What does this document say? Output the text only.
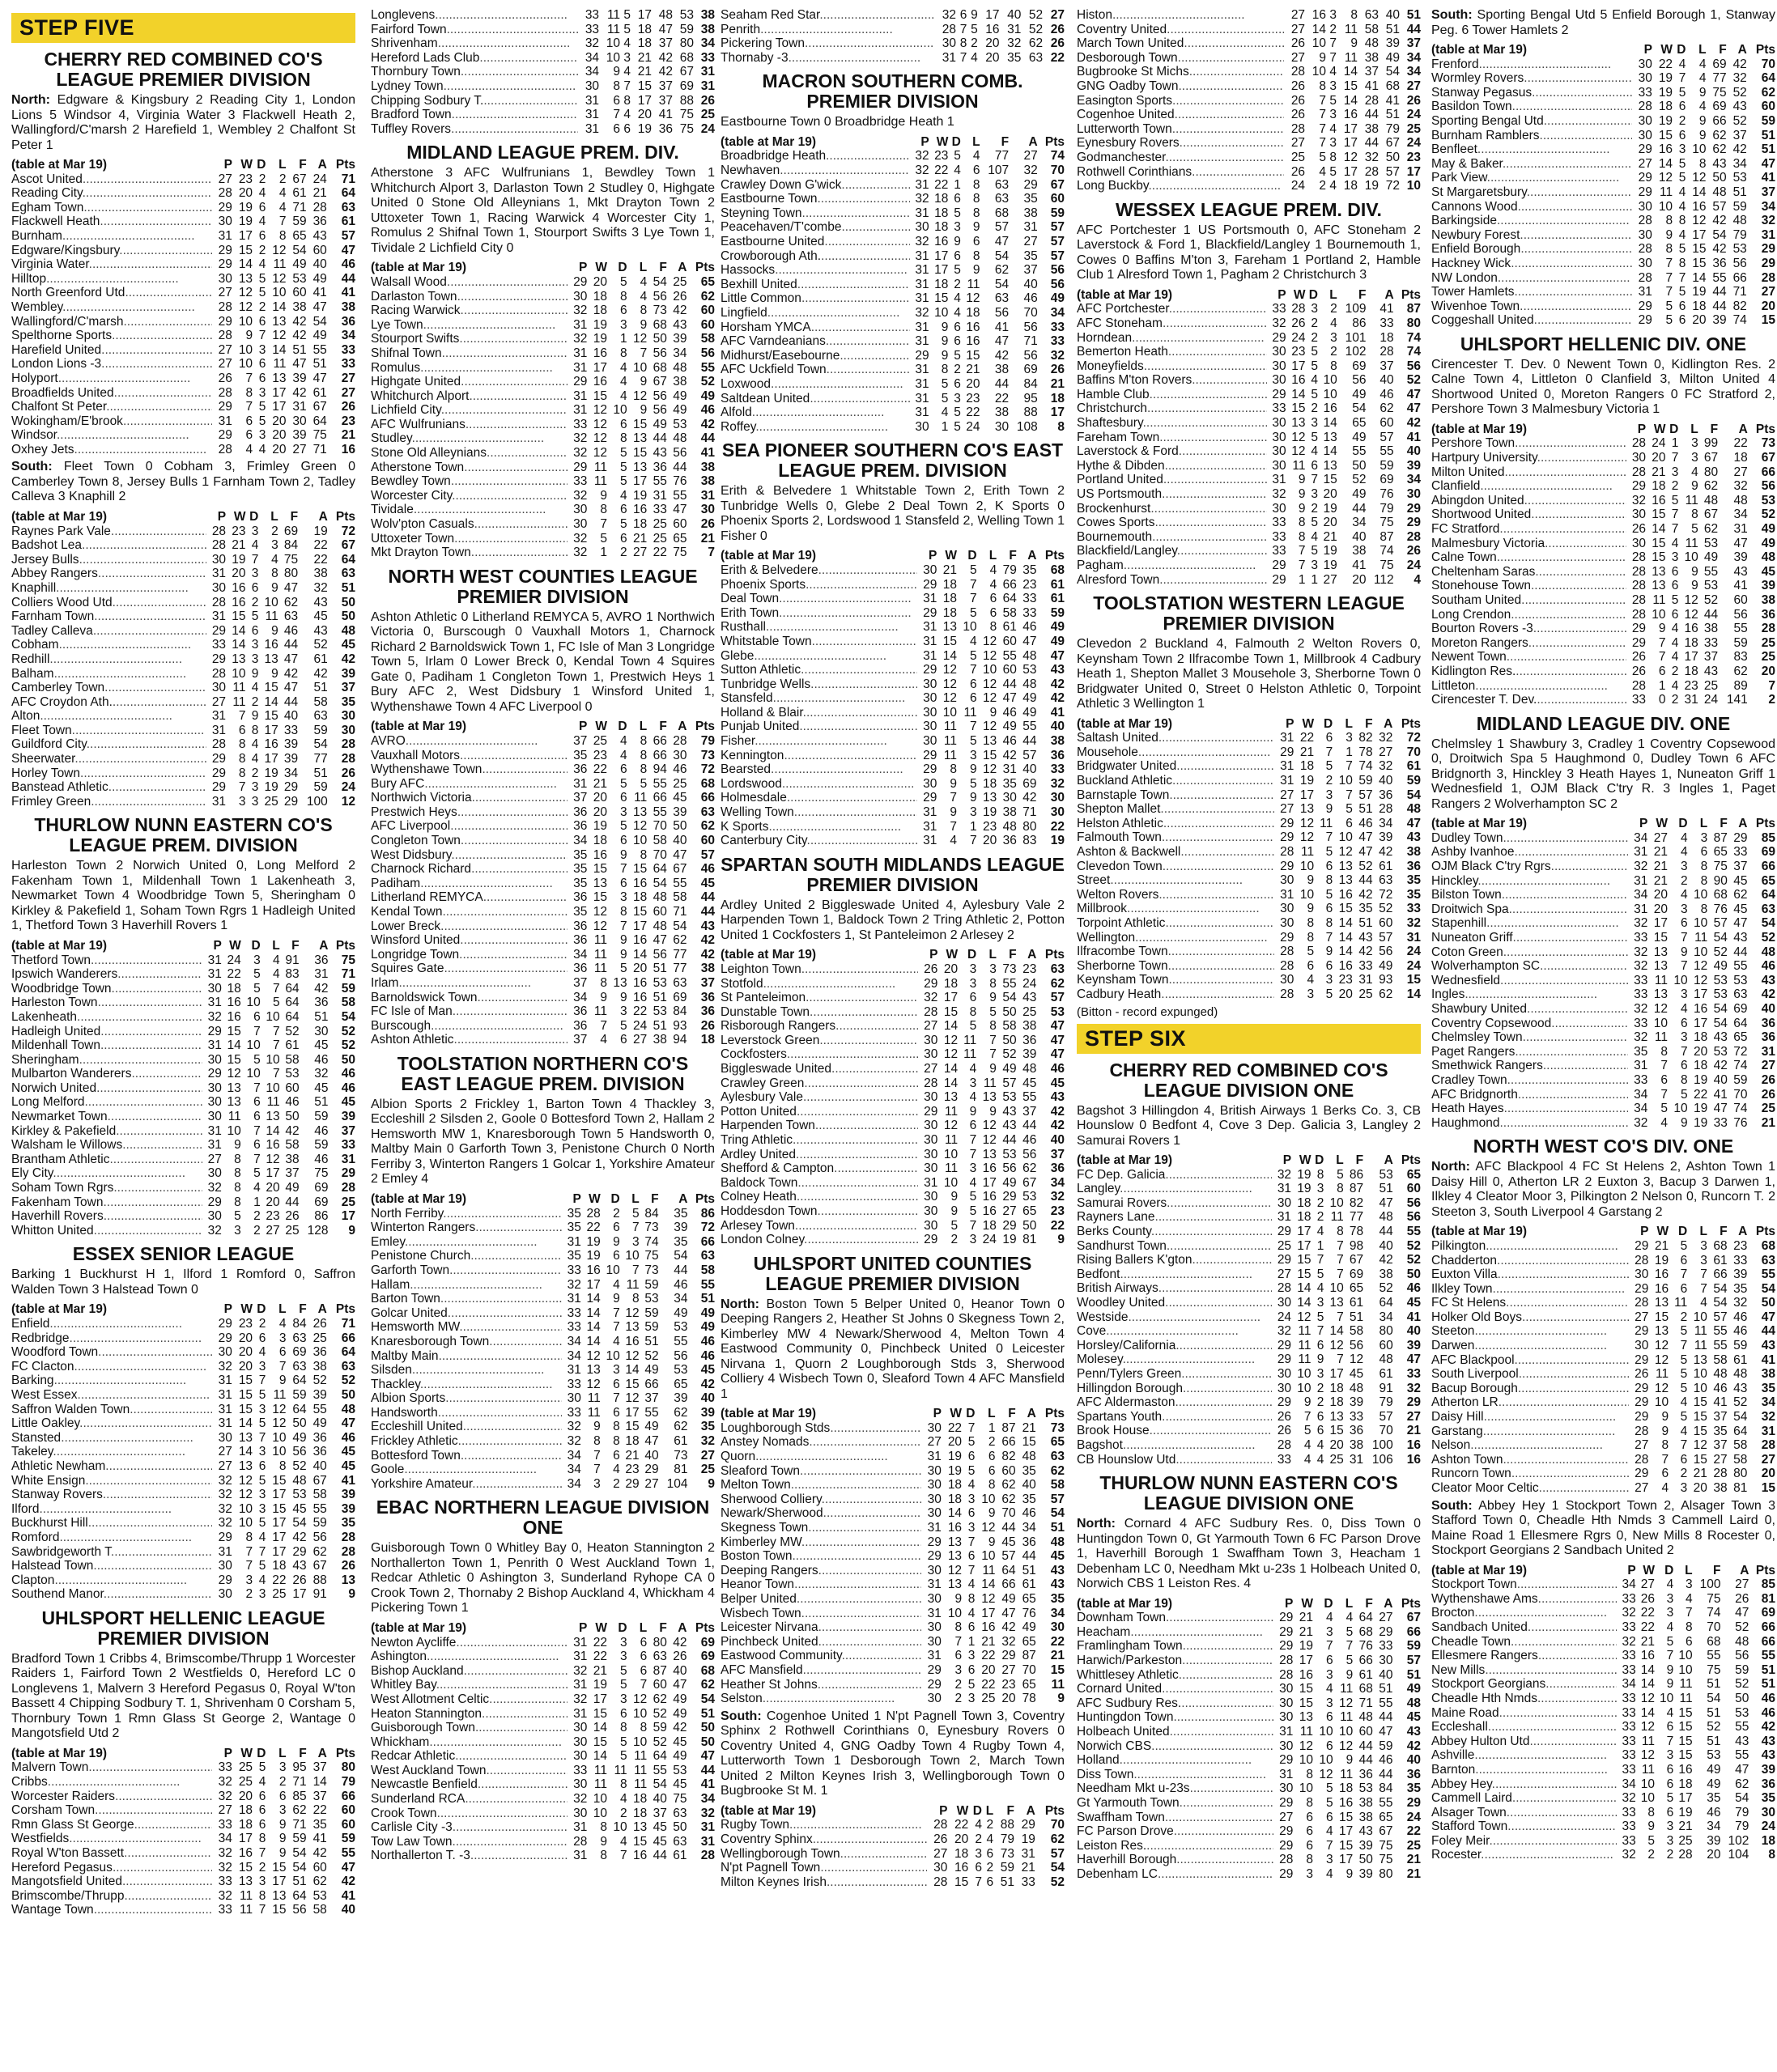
STEP FIVE
CHERRY RED COMBINED CO'S LEAGUE PREMIER DIVISION
North: Edgware & Kingsbury 2 Reading City 1, London Lions 5 Windsor 4, Virginia Water 3 Flackwell Heath 2, Wallingford/C'marsh 2 Harefield 1, Wembley 2 Chalfont St Peter 1
(table at Mar 19)	P	W	D	L	F	A	Pts
Ascot United .....	27	23	2	2	67	24	71
Reading City .....	28	20	4	4	61	21	64
Egham Town .....	29	19	6	4	71	28	63
Flackwell Heath .....	30	19	4	7	59	36	61
Burnham .....	31	17	6	8	65	43	57
Edgware/Kingsbury .....	29	15	2	12	54	60	47
Virginia Water .....	29	14	4	11	49	40	46
Hilltop .....	30	13	5	12	53	49	44
North Greenford Utd .....	27	12	5	10	60	41	41
Wembley .....	28	12	2	14	38	47	38
Wallingford/C'marsh .....	29	10	6	13	42	54	36
Spelthorne Sports .....	28	9	7	12	42	49	34
Harefield United .....	27	10	3	14	51	55	33
London Lions -3 .....	27	10	6	11	47	51	33
Holyport .....	26	7	6	13	39	47	27
Broadfields United .....	28	8	3	17	42	61	27
Chalfont St Peter .....	29	7	5	17	31	67	26
Wokingham/E'brook .....	31	6	5	20	30	64	23
Windsor .....	29	6	3	20	39	75	21
Oxhey Jets .....	28	4	4	20	27	71	16
South: Fleet Town 0 Cobham 3, Frimley Green 0 Camberley Town 8, Jersey Bulls 1 Farnham Town 2, Tadley Calleva 3 Knaphill 2
(table at Mar 19)	P	W	D	L	F	A	Pts
Raynes Park Vale .....	28	23	3	2	69	19	72
Badshot Lea .....	28	21	4	3	84	22	67
Jersey Bulls .....	30	19	7	4	75	22	64
Abbey Rangers .....	31	20	3	8	80	38	63
Knaphill .....	30	16	6	9	47	32	51
Colliers Wood Utd .....	28	16	2	10	62	43	50
Farnham Town .....	31	15	5	11	63	45	50
Tadley Calleva .....	29	14	6	9	46	43	48
Cobham .....	33	14	3	16	44	52	45
Redhill .....	29	13	3	13	47	61	42
Balham .....	28	10	9	9	42	42	39
Camberley Town .....	30	11	4	15	47	51	37
AFC Croydon Ath. .....	27	11	2	14	44	58	35
Alton .....	31	7	9	15	40	63	30
Fleet Town .....	31	6	8	17	33	59	30
Guildford City .....	28	8	4	16	39	54	28
Sheerwater .....	29	8	4	17	39	77	28
Horley Town .....	29	8	2	19	34	51	26
Banstead Athletic .....	29	7	3	19	29	59	24
Frimley Green .....	31	3	3	25	29	100	12
THURLOW NUNN EASTERN CO'S LEAGUE PREM. DIVISION
Harleston Town 2 Norwich United 0, Long Melford 2 Fakenham Town 1, Mildenhall Town 1 Lakenheath 3, Newmarket Town 4 Woodbridge Town 5, Sheringham 0 Kirkley & Pakefield 1, Soham Town Rgrs 1 Hadleigh United 1, Thetford Town 3 Haverhill Rovers 1
(table at Mar 19)	P	W	D	L	F	A	Pts
Thetford Town .....	31	24	3	4	91	36	75
Ipswich Wanderers .....	31	22	5	4	83	31	71
Woodbridge Town .....	30	18	5	7	64	42	59
Harleston Town .....	31	16	10	5	64	36	58
Lakenheath .....	32	16	6	10	64	51	54
Hadleigh United .....	29	15	7	7	52	30	52
Mildenhall Town .....	31	14	10	7	61	45	52
Sheringham .....	30	15	5	10	58	46	50
Mulbarton Wanderers .....	29	12	10	7	53	32	46
Norwich United .....	30	13	7	10	60	45	46
Long Melford .....	30	13	6	11	46	51	45
Newmarket Town .....	30	11	6	13	50	59	39
Kirkley & Pakefield .....	31	10	7	14	42	46	37
Walsham le Willows .....	31	9	6	16	58	59	33
Brantham Athletic .....	27	8	7	12	38	46	31
Ely City .....	30	8	5	17	37	75	29
Soham Town Rgrs .....	32	8	4	20	49	69	28
Fakenham Town .....	29	8	1	20	44	69	25
Haverhill Rovers .....	30	5	2	23	26	86	17
Whitton United .....	32	3	2	27	25	128	9
ESSEX SENIOR LEAGUE
Barking 1 Buckhurst H 1, Ilford 1 Romford 0, Saffron Walden Town 3 Halstead Town 0
(table at Mar 19)	P	W	D	L	F	A	Pts
Enfield .....	29	23	2	4	84	26	71
Redbridge .....	29	20	6	3	63	25	66
Woodford Town .....	30	20	4	6	69	36	64
FC Clacton .....	32	20	3	7	63	38	63
Barking .....	31	15	7	9	64	52	52
West Essex .....	31	15	5	11	59	39	50
Saffron Walden Town .....	31	15	3	12	64	55	48
Little Oakley .....	31	14	5	12	50	49	47
Stansted .....	30	13	7	10	49	36	46
Takeley .....	27	14	3	10	56	36	45
Athletic Newham .....	27	13	6	8	52	40	45
White Ensign .....	32	12	5	15	48	67	41
Stanway Rovers .....	32	12	3	17	53	58	39
Ilford .....	32	10	3	15	45	55	39
Buckhurst Hill .....	32	10	5	17	54	59	35
Romford .....	29	8	4	17	42	56	28
Sawbridgeworth T .....	31	7	7	17	29	62	28
Halstead Town .....	30	7	5	18	43	67	26
Clapton .....	29	3	4	22	26	88	13
Southend Manor .....	30	2	3	25	17	91	9
UHLSPORT HELLENIC LEAGUE PREMIER DIVISION
Bradford Town 1 Cribbs 4, Brimscombe/Thrupp 1 Worcester Raiders 1, Fairford Town 2 Westfields 0, Hereford LC 0 Longlevens 1, Malvern 3 Hereford Pegasus 0, Royal W'ton Bassett 4 Chipping Sodbury T. 1, Shrivenham 0 Corsham 5, Thornbury Town 1 Rmn Glass St George 2, Wantage 0 Mangotsfield Utd 2
(table at Mar 19)	P	W	D	L	F	A	Pts
Malvern Town .....	33	25	5	3	95	37	80
Cribbs .....	32	25	4	2	71	14	79
Worcester Raiders .....	32	20	6	6	85	37	66
Corsham Town .....	27	18	6	3	62	22	60
Rmn Glass St George .....	33	18	6	9	71	35	60
Westfields .....	34	17	8	9	59	41	59
Royal W'ton Bassett .....	32	16	7	9	54	42	55
Hereford Pegasus .....	32	15	2	15	54	60	47
Mangotsfield United .....	33	13	3	17	51	62	42
Brimscombe/Thrupp .....	32	11	8	13	64	53	41
Wantage Town .....	33	11	7	15	56	58	40
Longlevens .....	33	11	5	17	48	53	38
Fairford Town .....	33	11	5	18	47	59	38
Shrivenham .....	32	10	4	18	37	80	34
Hereford Lads Club .....	34	10	3	21	42	68	33
Thornbury Town .....	34	9	4	21	42	67	31
Lydney Town .....	30	8	7	15	37	69	31
Chipping Sodbury T. .....	31	6	8	17	37	88	26
Bradford Town .....	31	7	4	20	41	75	25
Tuffley Rovers .....	31	6	6	19	36	75	24
MIDLAND LEAGUE PREM. DIV.
Atherstone 3 AFC Wulfrunians 1, Bewdley Town 1 Whitchurch Alport 3, Darlaston Town 2 Studley 0, Highgate United 0 Stone Old Alleynians 1, Mkt Drayton Town 2 Uttoxeter Town 1, Racing Warwick 4 Worcester City 1, Romulus 2 Shifnal Town 1, Stourport Swifts 3 Lye Town 1, Tividale 2 Lichfield City 0
(table at Mar 19)	P	W	D	L	F	A	Pts
Walsall Wood .....	29	20	5	4	54	25	65
Darlaston Town .....	30	18	8	4	56	26	62
Racing Warwick .....	32	18	6	8	73	42	60
Lye Town .....	31	19	3	9	68	43	60
Stourport Swifts .....	32	19	1	12	50	39	58
Shifnal Town .....	31	16	8	7	56	34	56
Romulus .....	31	17	4	10	68	48	55
Highgate United .....	29	16	4	9	67	38	52
Whitchurch Alport .....	31	15	4	12	56	49	49
Lichfield City .....	31	12	10	9	56	49	46
AFC Wulfrunians .....	33	12	6	15	49	53	42
Studley .....	32	12	8	13	44	48	44
Stone Old Alleynians .....	32	12	5	15	43	56	41
Atherstone Town .....	29	11	5	13	36	44	38
Bewdley Town .....	33	11	5	17	55	76	38
Worcester City .....	32	9	4	19	31	55	31
Tividale .....	30	8	6	16	33	47	30
Wolv'pton Casuals .....	30	7	5	18	25	60	26
Uttoxeter Town .....	32	5	6	21	25	65	21
Mkt Drayton Town .....	32	1	2	27	22	75	7
NORTH WEST COUNTIES LEAGUE PREMIER DIVISION
Ashton Athletic 0 Litherland REMYCA 5, AVRO 1 Northwich Victoria 0, Burscough 0 Vauxhall Motors 1, Charnock Richard 2 Barnoldswick Town 1, FC Isle of Man 3 Longridge Town 5, Irlam 0 Lower Breck 0, Kendal Town 4 Squires Gate 0, Padiham 1 Congleton Town 1, Prestwich Heys 1 Bury AFC 2, West Didsbury 1 Winsford United 1, Wythenshawe Town 4 AFC Liverpool 0
(table at Mar 19)	P	W	D	L	F	A	Pts
AVRO .....	37	25	4	8	66	28	79
Vauxhall Motors .....	35	23	4	8	66	30	73
Wythenshawe Town .....	36	22	6	8	94	46	72
Bury AFC .....	31	21	5	5	55	25	68
Northwich Victoria .....	37	20	6	11	66	45	66
Prestwich Heys .....	36	20	3	13	55	39	63
AFC Liverpool .....	36	19	5	12	70	50	62
Congleton Town .....	34	18	6	10	58	40	60
West Didsbury .....	35	16	9	8	70	47	57
Charnock Richard .....	35	15	7	15	64	67	46
Padiham .....	35	13	6	16	54	55	45
Litherland REMYCA .....	36	15	3	18	48	58	44
Kendal Town .....	35	12	8	15	60	71	44
Lower Breck .....	36	12	7	17	48	54	43
Winsford United .....	36	11	9	16	47	62	42
Longridge Town .....	34	11	9	14	56	77	42
Squires Gate .....	36	11	5	20	51	77	38
Irlam .....	37	8	13	16	53	63	37
Barnoldswick Town .....	34	9	9	16	51	69	36
FC Isle of Man .....	36	11	3	22	53	84	36
Burscough .....	36	7	5	24	51	93	26
Ashton Athletic .....	37	4	6	27	38	94	18
TOOLSTATION NORTHERN CO'S EAST LEAGUE PREM. DIVISION
Albion Sports 2 Frickley 1, Barton Town 4 Thackley 3, Eccleshill 2 Silsden 2, Goole 0 Bottesford Town 2, Hallam 2 Hemsworth MW 1, Knaresborough Town 5 Handsworth 0, Maltby Main 0 Garforth Town 3, Penistone Church 0 North Ferriby 3, Winterton Rangers 1 Golcar 1, Yorkshire Amateur 2 Emley 4
(table at Mar 19)	P	W	D	L	F	A	Pts
North Ferriby .....	35	28	2	5	84	35	86
Winterton Rangers .....	35	22	6	7	73	39	72
Emley .....	31	19	9	3	74	35	66
Penistone Church .....	35	19	6	10	75	54	63
Garforth Town .....	33	16	10	7	73	44	58
Hallam .....	32	17	4	11	59	46	55
Barton Town .....	31	14	9	8	53	34	51
Golcar United .....	33	14	7	12	59	49	49
Hemsworth MW .....	33	14	7	13	59	53	49
Knaresborough Town .....	34	14	4	16	51	55	46
Maltby Main .....	34	12	10	12	52	56	46
Silsden .....	31	13	3	14	49	53	45
Thackley .....	33	12	6	15	66	65	42
Albion Sports .....	30	11	7	12	37	39	40
Handsworth .....	33	11	6	17	55	62	39
Eccleshill United .....	32	9	8	15	49	62	35
Frickley Athletic .....	32	8	8	18	47	61	32
Bottesford Town .....	34	7	6	21	40	73	27
Goole .....	34	7	4	23	29	81	25
Yorkshire Amateur .....	34	3	2	29	27	104	9
EBAC NORTHERN LEAGUE DIVISION ONE
Guisborough Town 0 Whitley Bay 0, Heaton Stannington 2 Northallerton Town 1, Penrith 0 West Auckland Town 1, Redcar Athletic 0 Ashington 3, Sunderland Ryhope CA 0 Crook Town 2, Thornaby 2 Bishop Auckland 4, Whickham 4 Pickering Town 1
(table at Mar 19)	P	W	D	L	F	A	Pts
Newton Aycliffe .....	31	22	3	6	80	42	69
Ashington .....	31	22	3	6	63	26	69
Bishop Auckland .....	32	21	5	6	87	40	68
Whitley Bay .....	31	19	5	7	60	47	62
West Allotment Celtic .....	32	17	3	12	62	49	54
Heaton Stannington .....	31	15	6	10	52	49	51
Guisborough Town .....	30	14	8	8	59	42	50
Whickham .....	30	15	5	10	52	45	50
Redcar Athletic .....	30	14	5	11	64	49	47
West Auckland Town .....	33	11	11	11	55	53	44
Newcastle Benfield .....	30	11	8	11	54	45	41
Sunderland RCA .....	32	10	4	18	40	75	34
Crook Town .....	30	10	2	18	37	63	32
Carlisle City -3 .....	31	8	10	13	45	50	31
Tow Law Town .....	28	9	4	15	45	63	31
Northallerton T. -3 .....	31	8	7	16	44	61	28
Seaham Red Star .....	32	6	9	17	40	52	27
Penrith .....	28	7	5	16	31	52	26
Pickering Town .....	30	8	2	20	32	62	26
Thornaby -3 .....	31	7	4	20	35	63	22
MACRON SOUTHERN COMB. PREMIER DIVISION
Eastbourne Town 0 Broadbridge Heath 1
(table at Mar 19)	P	W	D	L	F	A	Pts
Broadbridge Heath .....	32	23	5	4	77	27	74
Newhaven .....	32	22	4	6	107	32	70
Crawley Down G'wick .....	31	22	1	8	63	29	67
Eastbourne Town .....	32	18	6	8	63	35	60
Steyning Town .....	31	18	5	8	68	38	59
Peacehaven/T'combe .....	30	18	3	9	57	31	57
Eastbourne United .....	32	16	9	6	47	27	57
Crowborough Ath. .....	31	17	6	8	54	35	57
Hassocks .....	31	17	5	9	62	37	56
Bexhill United .....	31	18	2	11	54	40	56
Little Common .....	31	15	4	12	63	46	49
Lingfield .....	32	10	4	18	56	70	34
Horsham YMCA .....	31	9	6	16	41	56	33
AFC Varndeanians .....	31	9	6	16	47	71	33
Midhurst/Easebourne .....	29	9	5	15	42	56	32
AFC Uckfield Town .....	31	8	2	21	38	69	26
Loxwood .....	31	5	6	20	44	84	21
Saltdean United .....	31	5	3	23	22	95	18
Alfold .....	31	4	5	22	38	88	17
Roffey .....	30	1	5	24	30	108	8
SEA PIONEER SOUTHERN CO'S EAST LEAGUE PREM. DIVISION
Erith & Belvedere 1 Whitstable Town 2, Erith Town 2 Tunbridge Wells 0, Glebe 2 Deal Town 2, K Sports 0 Phoenix Sports 2, Lordswood 1 Stansfeld 2, Welling Town 1 Fisher 0
(table at Mar 19)	P	W	D	L	F	A	Pts
Erith & Belvedere .....	30	21	5	4	79	35	68
Phoenix Sports .....	29	18	7	4	66	23	61
Deal Town .....	31	18	7	6	64	33	61
Erith Town .....	29	18	5	6	58	33	59
Rusthall .....	31	13	10	8	61	46	49
Whitstable Town .....	31	15	4	12	60	47	49
Glebe .....	31	14	5	12	55	48	47
Sutton Athletic .....	29	12	7	10	60	53	43
Tunbridge Wells .....	30	12	6	12	44	48	42
Stansfeld .....	30	12	6	12	47	49	42
Holland & Blair .....	30	10	11	9	46	49	41
Punjab United .....	30	11	7	12	49	55	40
Fisher .....	30	11	5	13	46	44	38
Kennington .....	29	11	3	15	42	57	36
Bearsted .....	29	8	9	12	31	40	33
Lordswood .....	30	9	5	18	35	69	32
Holmesdale .....	29	7	9	13	30	42	30
Welling Town .....	31	9	3	19	38	71	30
K Sports .....	31	7	1	23	48	80	22
Canterbury City .....	31	4	7	20	36	83	19
SPARTAN SOUTH MIDLANDS LEAGUE PREMIER DIVISION
Ardley United 2 Biggleswade United 4, Aylesbury Vale 2 Harpenden Town 1, Baldock Town 2 Tring Athletic 2, Potton United 1 Cockfosters 1, St Panteleimon 2 Arlesey 2
(table at Mar 19)	P	W	D	L	F	A	Pts
Leighton Town .....	26	20	3	3	73	23	63
Stotfold .....	29	18	3	8	55	24	62
St Panteleimon .....	32	17	6	9	54	43	57
Dunstable Town .....	28	15	8	5	50	25	53
Risborough Rangers .....	27	14	5	8	58	38	47
Leverstock Green .....	30	12	11	7	50	36	47
Cockfosters .....	30	12	11	7	52	39	47
Biggleswade United .....	27	14	4	9	49	48	46
Crawley Green .....	28	14	3	11	57	45	45
Aylesbury Vale .....	30	13	4	13	53	55	43
Potton United .....	29	11	9	9	43	37	42
Harpenden Town .....	30	12	6	12	43	44	42
Tring Athletic .....	30	11	7	12	44	46	40
Ardley United .....	30	10	7	13	53	56	37
Shefford & Campton .....	30	11	3	16	56	62	36
Baldock Town .....	31	10	4	17	49	67	34
Colney Heath .....	30	9	5	16	29	53	32
Hoddesdon Town .....	30	9	5	16	27	65	23
Arlesey Town .....	30	5	7	18	29	50	22
London Colney .....	29	2	3	24	19	81	9
UHLSPORT UNITED COUNTIES LEAGUE PREMIER DIVISION
North: Boston Town 5 Belper United 0, Heanor Town 0 Deeping Rangers 2, Heather St Johns 0 Skegness Town 2, Kimberley MW 4 Newark/Sherwood 4, Melton Town 4 Eastwood Community 0, Pinchbeck United 0 Leicester Nirvana 1, Quorn 2 Loughborough Stds 3, Sherwood Colliery 4 Wisbech Town 0, Sleaford Town 4 AFC Mansfield 1
(table at Mar 19)	P	W	D	L	F	A	Pts
Loughborough Stds .....	30	22	7	1	87	21	73
Anstey Nomads .....	27	20	5	2	66	15	65
Quorn .....	31	19	6	6	82	48	63
Sleaford Town .....	30	19	5	6	60	35	62
Melton Town .....	30	18	4	8	62	40	58
Sherwood Colliery .....	30	18	3	10	62	35	57
Newark/Sherwood .....	30	14	6	9	70	46	54
Skegness Town .....	31	16	3	12	44	34	51
Kimberley MW .....	29	13	7	9	45	36	48
Boston Town .....	29	13	6	10	57	44	45
Deeping Rangers .....	30	12	7	11	64	51	43
Heanor Town .....	31	13	4	14	66	61	43
Belper United .....	30	9	8	12	49	65	35
Wisbech Town .....	31	10	4	17	47	76	34
Leicester Nirvana .....	30	8	6	16	42	49	30
Pinchbeck United .....	30	7	1	21	32	65	22
Eastwood Community .....	31	6	3	22	29	87	21
AFC Mansfield .....	29	3	6	20	27	70	15
Heather St Johns .....	29	2	5	22	23	65	11
Selston .....	30	2	3	25	20	78	9
South: Cogenhoe United 1 N'pt Pagnell Town 3, Coventry Sphinx 2 Rothwell Corinthians 0, Eynesbury Rovers 0 Coventry United 4, GNG Oadby Town 4 Rugby Town 4, Lutterworth Town 1 Desborough Town 2, March Town United 2 Milton Keynes Irish 3, Wellingborough Town 0 Bugbrooke St M. 1
(table at Mar 19)	P	W	D	L	F	A	Pts
Rugby Town .....	28	22	4	2	88	29	70
Coventry Sphinx .....	26	20	2	4	79	19	62
Wellingborough Town .....	27	18	3	6	73	31	57
N'pt Pagnell Town .....	30	16	6	2	59	21	54
Milton Keynes Irish .....	28	15	7	6	51	33	52
Histon .....	27	16	3	8	63	40	51
Coventry United .....	27	14	2	11	58	51	44
March Town United .....	26	10	7	9	48	39	37
Desborough Town .....	27	9	7	11	38	49	34
Bugbrooke St Michs .....	28	10	4	14	37	54	34
GNG Oadby Town .....	26	8	3	15	41	68	27
Easington Sports .....	26	7	5	14	28	41	26
Cogenhoe United .....	26	7	3	16	44	51	24
Lutterworth Town .....	28	7	4	17	38	79	25
Eynesbury Rovers .....	27	7	3	17	44	67	24
Godmanchester .....	25	5	8	12	32	50	23
Rothwell Corinthians .....	26	4	5	17	28	57	17
Long Buckby .....	24	2	4	18	19	72	10
WESSEX LEAGUE PREM. DIV.
AFC Portchester 1 US Portsmouth 0, AFC Stoneham 2 Laverstock & Ford 1, Blackfield/Langley 1 Bournemouth 1, Cowes 0 Baffins M'ton 3, Fareham 1 Portland 2, Hamble Club 1 Alresford Town 1, Pagham 2 Christchurch 3
(table at Mar 19)	P	W	D	L	F	A	Pts
AFC Portchester .....	33	28	3	2	109	41	87
AFC Stoneham .....	32	26	2	4	86	33	80
Horndean .....	29	24	2	3	101	18	74
Bemerton Heath .....	30	23	5	2	102	28	74
Moneyfields .....	30	17	5	8	69	37	56
Baffins M'ton Rovers .....	30	16	4	10	56	40	52
Hamble Club .....	29	14	5	10	49	46	47
Christchurch .....	33	15	2	16	54	62	47
Shaftesbury .....	30	13	3	14	65	60	42
Fareham Town .....	30	12	5	13	49	57	41
Laverstock & Ford .....	30	12	4	14	55	55	40
Hythe & Dibden .....	30	11	6	13	50	59	39
Portland United .....	31	9	7	15	52	69	34
US Portsmouth .....	32	9	3	20	49	76	30
Brockenhurst .....	30	9	2	19	44	79	29
Cowes Sports .....	33	8	5	20	34	75	29
Bournemouth .....	33	8	4	21	40	87	28
Blackfield/Langley .....	33	7	5	19	38	74	26
Pagham .....	29	7	3	19	41	75	24
Alresford Town .....	29	1	1	27	20	112	4
TOOLSTATION WESTERN LEAGUE PREMIER DIVISION
Clevedon 2 Buckland 4, Falmouth 2 Welton Rovers 0, Keynsham Town 2 Ilfracombe Town 1, Millbrook 4 Cadbury Heath 1, Shepton Mallet 3 Mousehole 3, Sherborne Town 0 Bridgwater United 0, Street 0 Helston Athletic 0, Torpoint Athletic 3 Wellington 1
(table at Mar 19)	P	W	D	L	F	A	Pts
Saltash United .....	31	22	6	3	82	32	72
Mousehole .....	29	21	7	1	78	27	70
Bridgwater United .....	31	18	5	7	74	32	61
Buckland Athletic .....	31	19	2	10	59	40	59
Barnstaple Town .....	27	17	3	7	57	36	54
Shepton Mallet .....	27	13	9	5	51	28	48
Helston Athletic .....	29	12	11	6	46	34	47
Falmouth Town .....	29	12	7	10	47	39	43
Ashton & Backwell .....	28	11	5	12	47	42	38
Clevedon Town .....	29	10	6	13	52	61	36
Street .....	30	9	8	13	44	63	35
Welton Rovers .....	31	10	5	16	42	72	35
Millbrook .....	30	9	6	15	35	52	33
Torpoint Athletic .....	30	8	8	14	51	60	32
Wellington .....	29	8	7	14	43	57	31
Ilfracombe Town .....	28	5	9	14	42	56	24
Sherborne Town .....	28	6	6	16	33	49	24
Keynsham Town .....	30	4	3	23	31	93	15
Cadbury Heath .....	28	3	5	20	25	62	14
(Bitton - record expunged)
STEP SIX
CHERRY RED COMBINED CO'S LEAGUE DIVISION ONE
Bagshot 3 Hillingdon 4, British Airways 1 Berks Co. 3, CB Hounslow 0 Bedfont 4, Cove 3 Dep. Galicia 3, Langley 2 Samurai Rovers 1
(table at Mar 19)	P	W	D	L	F	A	Pts
FC Dep. Galicia .....	32	19	8	5	86	53	65
Langley .....	31	19	3	8	87	51	60
Samurai Rovers .....	30	18	2	10	82	47	56
Rayners Lane .....	31	18	2	11	77	48	56
Berks County .....	29	17	4	8	78	44	55
Sandhurst Town .....	25	17	1	7	98	40	52
Rising Ballers K'gton .....	29	15	7	7	67	42	52
Bedfont .....	27	15	5	7	69	38	50
British Airways .....	28	14	4	10	65	52	46
Woodley United .....	30	14	3	13	61	64	45
Westside .....	24	12	5	7	51	34	41
Cove .....	32	11	7	14	58	80	40
Horsley/California .....	29	11	6	12	56	60	39
Molesey .....	29	11	9	7	12	48	47
Penn/Tylers Green .....	30	10	3	17	45	61	33
Hillingdon Borough .....	30	10	2	18	48	91	32
AFC Aldermaston .....	29	9	2	18	39	79	29
Spartans Youth .....	26	7	6	13	33	57	27
Brook House .....	26	5	6	15	36	70	21
Bagshot .....	28	4	4	20	38	100	16
CB Hounslow Utd .....	33	4	4	25	31	106	16
THURLOW NUNN EASTERN CO'S LEAGUE DIVISION ONE
North: Cornard 4 AFC Sudbury Res. 0, Diss Town 0 Huntingdon Town 0, Gt Yarmouth Town 6 FC Parson Drove 1, Haverhill Borough 1 Swaffham Town 3, Heacham 1 Debenham LC 0, Needham Mkt u-23s 1 Holbeach United 0, Norwich CBS 1 Leiston Res. 4
(table at Mar 19)	P	W	D	L	F	A	Pts
Downham Town .....	29	21	4	4	64	27	67
Heacham .....	29	21	3	5	68	29	66
Framlingham Town .....	29	19	7	7	76	33	59
Harwich/Parkeston .....	28	17	6	5	66	30	57
Whittlesey Athletic .....	28	16	3	9	61	40	51
Cornard United .....	30	15	4	11	68	51	49
AFC Sudbury Res. .....	30	15	3	12	71	55	48
Huntingdon Town .....	30	13	6	11	48	44	45
Holbeach United .....	31	11	10	10	60	47	43
Norwich CBS .....	30	12	6	12	44	59	42
Holland .....	29	10	10	9	44	46	40
Diss Town .....	31	8	12	11	36	44	36
Needham Mkt u-23s .....	30	10	5	18	53	84	35
Gt Yarmouth Town .....	29	8	5	16	38	55	29
Swaffham Town .....	27	6	6	15	38	65	24
FC Parson Drove .....	29	6	4	17	43	67	22
Leiston Res. .....	29	6	7	15	39	75	25
Haverhill Borough .....	28	8	3	17	50	75	21
Debenham LC .....	29	3	4	9	39	80	21
South: Sporting Bengal Utd 5 Enfield Borough 1, Stanway Peg. 6 Tower Hamlets 2
(table at Mar 19)	P	W	D	L	F	A	Pts
Frenford .....	30	22	4	4	69	42	70
Wormley Rovers .....	30	19	7	4	77	32	64
Stanway Pegasus .....	33	19	5	9	75	52	62
Basildon Town .....	28	18	6	4	69	43	60
Sporting Bengal Utd .....	30	19	2	9	66	52	59
Burnham Ramblers .....	30	15	6	9	62	37	51
Benfleet .....	29	16	3	10	62	42	51
May & Baker .....	27	14	5	8	43	34	47
Park View .....	29	12	5	12	50	53	41
St Margaretsbury .....	29	11	4	14	48	51	37
Cannons Wood .....	30	10	4	16	57	59	34
Barkingside .....	28	8	8	12	42	48	32
Newbury Forest .....	30	9	4	17	54	79	31
Enfield Borough .....	28	8	5	15	42	53	29
Hackney Wick .....	30	7	8	15	36	56	29
NW London .....	28	7	7	14	55	66	28
Tower Hamlets .....	31	7	5	19	44	71	27
Wivenhoe Town .....	29	5	6	18	44	82	20
Coggeshall United .....	29	5	6	20	39	74	15
UHLSPORT HELLENIC DIV. ONE
Cirencester T. Dev. 0 Newent Town 0, Kidlington Res. 2 Calne Town 4, Littleton 0 Clanfield 3, Milton United 4 Shortwood United 0, Moreton Rangers 0 FC Stratford 2, Pershore Town 3 Malmesbury Victoria 1
(table at Mar 19)	P	W	D	L	F	A	Pts
Pershore Town .....	28	24	1	3	99	22	73
Hartpury University .....	30	20	7	3	67	18	67
Milton United .....	28	21	3	4	80	27	66
Clanfield .....	29	18	2	9	62	32	56
Abingdon United .....	32	16	5	11	48	48	53
Shortwood United .....	30	15	7	8	67	34	52
FC Stratford .....	26	14	7	5	62	31	49
Malmesbury Victoria .....	30	15	4	11	53	47	49
Calne Town .....	28	15	3	10	49	39	48
Cheltenham Saras .....	28	13	6	9	55	43	45
Stonehouse Town .....	28	13	6	9	53	41	39
Southam United .....	28	11	5	12	52	60	38
Long Crendon .....	28	10	6	12	44	56	36
Bourton Rovers -3 .....	29	9	4	16	38	55	28
Moreton Rangers .....	29	7	4	18	33	59	25
Newent Town .....	26	7	4	17	37	83	25
Kidlington Res. .....	26	6	2	18	43	62	20
Littleton .....	28	1	4	23	25	89	7
Cirencester T. Dev. .....	33	0	2	31	24	141	2
MIDLAND LEAGUE DIV. ONE
Chelmsley 1 Shawbury 3, Cradley 1 Coventry Copsewood 0, Droitwich Spa 5 Haughmond 0, Dudley Town 6 AFC Bridgnorth 3, Hinckley 3 Heath Hayes 1, Nuneaton Griff 1 Wednesfield 1, OJM Black C'try R. 3 Ingles 1, Paget Rangers 2 Wolverhampton SC 2
(table at Mar 19)	P	W	D	L	F	A	Pts
Dudley Town .....	34	27	4	3	87	29	85
Ashby Ivanhoe .....	31	21	4	6	65	33	69
OJM Black C'try Rgrs .....	32	21	3	8	75	37	66
Hinckley .....	31	21	2	8	90	45	65
Bilston Town .....	34	20	4	10	68	62	64
Droitwich Spa .....	31	20	3	8	76	45	63
Stapenhill .....	32	17	6	10	57	47	54
Nuneaton Griff .....	33	15	7	11	54	43	52
Coton Green .....	32	13	9	10	52	44	48
Wolverhampton SC .....	32	13	7	12	49	55	46
Wednesfield .....	33	11	10	12	53	53	43
Ingles .....	33	13	3	17	53	63	42
Shawbury United .....	32	12	4	16	54	69	40
Coventry Copsewood .....	33	10	6	17	54	64	36
Chelmsley Town .....	32	11	3	18	43	65	36
Paget Rangers .....	35	8	7	20	53	72	31
Smethwick Rangers .....	31	7	6	18	42	74	27
Cradley Town .....	33	6	8	19	40	59	26
AFC Bridgnorth .....	34	7	5	22	41	70	26
Heath Hayes .....	34	5	10	19	47	74	25
Haughmond .....	32	4	9	19	33	76	21
NORTH WEST CO'S DIV. ONE
North: AFC Blackpool 4 FC St Helens 2, Ashton Town 1 Daisy Hill 0, Atherton LR 2 Euxton 3, Bacup 3 Darwen 1, Ilkley 4 Cleator Moor 3, Pilkington 2 Nelson 0, Runcorn T. 2 Steeton 3, South Liverpool 4 Garstang 2
(table at Mar 19)	P	W	D	L	F	A	Pts
Pilkington .....	29	21	5	3	68	23	68
Chadderton .....	28	19	6	3	61	33	63
Euxton Villa .....	30	16	7	7	66	39	55
Ilkley Town .....	29	16	6	7	54	35	54
FC St Helens .....	28	13	11	4	54	32	50
Holker Old Boys .....	27	15	2	10	57	46	47
Steeton .....	29	13	5	11	55	46	44
Darwen .....	30	12	7	11	55	59	43
AFC Blackpool .....	29	12	5	13	58	61	41
South Liverpool .....	26	11	5	10	48	48	38
Bacup Borough .....	29	12	5	10	46	43	35
Atherton LR .....	29	10	4	15	41	52	34
Daisy Hill .....	29	9	5	15	37	54	32
Garstang .....	28	9	4	15	35	64	31
Nelson .....	27	8	7	12	37	58	28
Ashton Town .....	28	7	6	15	27	58	27
Runcorn Town .....	29	6	2	21	28	80	20
Cleator Moor Celtic .....	27	4	3	20	38	81	15
South: Abbey Hey 1 Stockport Town 2, Alsager Town 3 Stafford Town 0, Cheadle Hth Nmds 3 Cammell Laird 0, Maine Road 1 Ellesmere Rgrs 0, New Mills 8 Rocester 0, Stockport Georgians 2 Sandbach United 2
(table at Mar 19)	P	W	D	L	F	A	Pts
Stockport Town .....	34	27	4	3	100	27	85
Wythenshawe Ams .....	33	26	3	4	75	26	81
Brocton .....	32	22	3	7	74	47	69
Sandbach United .....	33	22	4	8	70	52	66
Cheadle Town .....	32	21	5	6	68	48	66
Ellesmere Rangers .....	33	16	7	10	55	56	55
New Mills .....	33	14	9	10	75	59	51
Stockport Georgians .....	34	14	9	11	51	52	51
Cheadle Hth Nmds .....	33	12	10	11	54	50	46
Maine Road .....	33	14	4	15	51	53	46
Eccleshall .....	33	12	6	15	52	55	42
Abbey Hulton Utd .....	33	11	7	15	51	43	43
Ashville .....	33	12	3	15	53	55	43
Barnton .....	33	11	6	16	49	47	39
Abbey Hey .....	34	10	6	18	49	62	36
Cammell Laird .....	32	10	5	17	35	54	35
Alsager Town .....	33	8	6	19	46	79	30
Stafford Town .....	33	9	3	21	34	79	24
Foley Meir .....	33	5	3	25	39	102	18
Rocester .....	32	2	2	28	20	104	8
